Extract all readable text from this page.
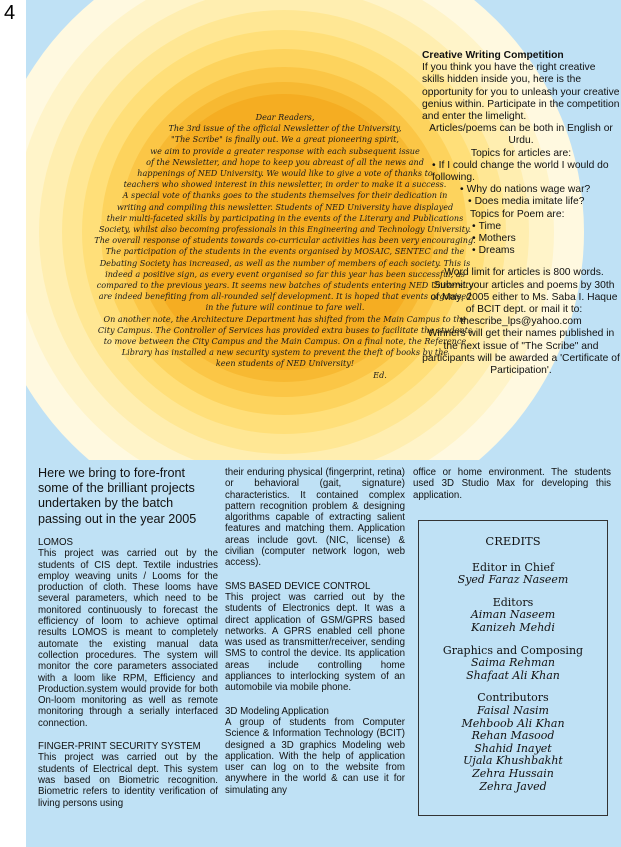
4
Dear Readers,
The 3rd issue of the official Newsletter of the University,
"The Scribe" is finally out. We a great pioneering spirit,
we aim to provide a greater response with each subsequent issue
of the Newsletter, and hope to keep you abreast of all the news and
happenings of NED University. We would like to give a vote of thanks to
teachers who showed interest in this newsletter, in order to make it a success.
A special vote of thanks goes to the students themselves for their dedication in
writing and compiling this newsletter. Students of NED University have displayed
their multi-faceted skills by participating in the events of the Literary and Publications
Society, whilst also becoming professionals in this Engineering and Technology University.
The overall response of students towards co-curricular activities has been very encouraging.
The participation of the students in the events organised by MOSAIC, SENTEC and the
Debating Society has increased, as well as the number of members of each society. This is
indeed a positive sign, as every event organised so far this year has been successful, as
compared to the previous years. It seems new batches of students entering NED University
are indeed benefiting from all-rounded self development. It is hoped that events organised
in the future will continue to fare well.
On another note, the Architecture Department has shifted from the Main Campus to the
City Campus. The Controller of Services has provided extra buses to facilitate the students
to move between the City Campus and the Main Campus. On a final note, the Reference
Library has installed a new security system to prevent the theft of books by the
keen students of NED University!
Ed.
Creative Writing Competition
If you think you have the right creative skills hidden inside you, here is the opportunity for you to unleash your creative genius within. Participate in the competition and enter the limelight.
Articles/poems can be both in English or Urdu.
Topics for articles are:
• If I could change the world I would do following.
• Why do nations wage war?
• Does media imitate life?
Topics for Poem are:
• Time
• Mothers
• Dreams
Word limit for articles is 800 words. Submit your articles and poems by 30th of May, 2005 either to Ms. Saba I. Haque of BCIT dept. or mail it to:
thescribe_lps@yahoo.com
Winners will get their names published in the next issue of "The Scribe" and participants will be awarded a 'Certificate of Participation'.
Here we bring to fore-front some of the brilliant projects undertaken by the batch passing out in the year 2005
LOMOS

This project was carried out by the students of CIS dept. Textile industries employ weaving units / Looms for the production of cloth. These looms have several parameters, which need to be monitored continuously to forecast the efficiency of loom to achieve optimal results LOMOS is meant to completely automate the existing manual data collection procedures. The system will monitor the core parameters associated with a loom like RPM, Efficiency and Production.system would provide for both On-loom monitoring as well as remote monitoring through a serially interfaced connection.

FINGER-PRINT SECURITY SYSTEM

This project was carried out by the students of Electrical dept. This system was based on Biometric recognition. Biometric refers to identity verification of living persons using

their enduring physical (fingerprint, retina) or behavioral (gait, signature) characteristics. It contained complex pattern recognition problem & designing algorithms capable of extracting salient features and matching them. Application areas include govt. (NIC, license) & civilian (computer network logon, web access).

SMS BASED DEVICE CONTROL

This project was carried out by the students of Electronics dept. It was a direct application of GSM/GPRS based networks. A GPRS enabled cell phone was used as transmitter/receiver, sending SMS to control the device. Its application areas include controlling home appliances to interlocking system of an automobile via mobile phone.

3D Modeling Application

A group of students from Computer Science & Information Technology (BCIT) designed a 3D graphics Modeling web application. With the help of application user can log on to the website from anywhere in the world & can use it for simulating any

office or home environment. The students used 3D Studio Max for developing this application.

CREDITS
Editor in Chief
Syed Faraz Naseem
Editors
Aiman Naseem
Kanizeh Mehdi
Graphics and Composing
Saima Rehman
Shafaat Ali Khan
Contributors
Faisal Nasim
Mehboob Ali Khan
Rehan Masood
Shahid Inayet
Ujala Khushbakht
Zehra Hussain
Zehra Javed
